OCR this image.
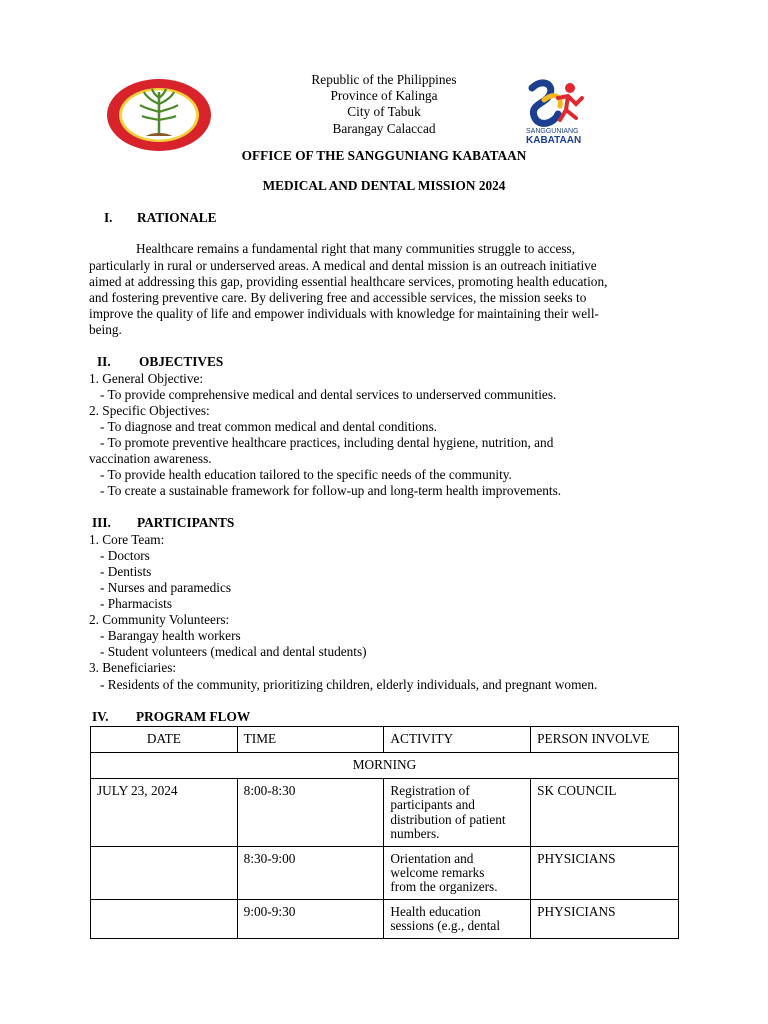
SANGGUNIANG
KABATAAN
Republic of the Philippines
Province of Kalinga
City of Tabuk
Barangay Calaccad
OFFICE OF THE SANGGUNIANG KABATAAN
MEDICAL AND DENTAL MISSION 2024
I. RATIONALE
Healthcare remains a fundamental right that many communities struggle to access,
particularly in rural or underserved areas. A medical and dental mission is an outreach initiative
aimed at addressing this gap, providing essential healthcare services, promoting health education,
and fostering preventive care. By delivering free and accessible services, the mission seeks to
improve the quality of life and empower individuals with knowledge for maintaining their well-
being.
II. OBJECTIVES
1. General Objective:
- To provide comprehensive medical and dental services to underserved communities.
2. Specific Objectives:
- To diagnose and treat common medical and dental conditions.
- To promote preventive healthcare practices, including dental hygiene, nutrition, and
vaccination awareness.
- To provide health education tailored to the specific needs of the community.
- To create a sustainable framework for follow-up and long-term health improvements.
III. PARTICIPANTS
1. Core Team:
- Doctors
- Dentists
- Nurses and paramedics
- Pharmacists
2. Community Volunteers:
- Barangay health workers
- Student volunteers (medical and dental students)
3. Beneficiaries:
- Residents of the community, prioritizing children, elderly individuals, and pregnant women.
IV. PROGRAM FLOW
DATE	TIME	ACTIVITY	PERSON INVOLVE
MORNING			
JULY 23, 2024	8:00-8:30	Registration of participants and distribution of patient numbers.	SK COUNCIL
	8:30-9:00	Orientation and welcome remarks from the organizers.	PHYSICIANS
	9:00-9:30	Health education sessions (e.g., dental	PHYSICIANS
